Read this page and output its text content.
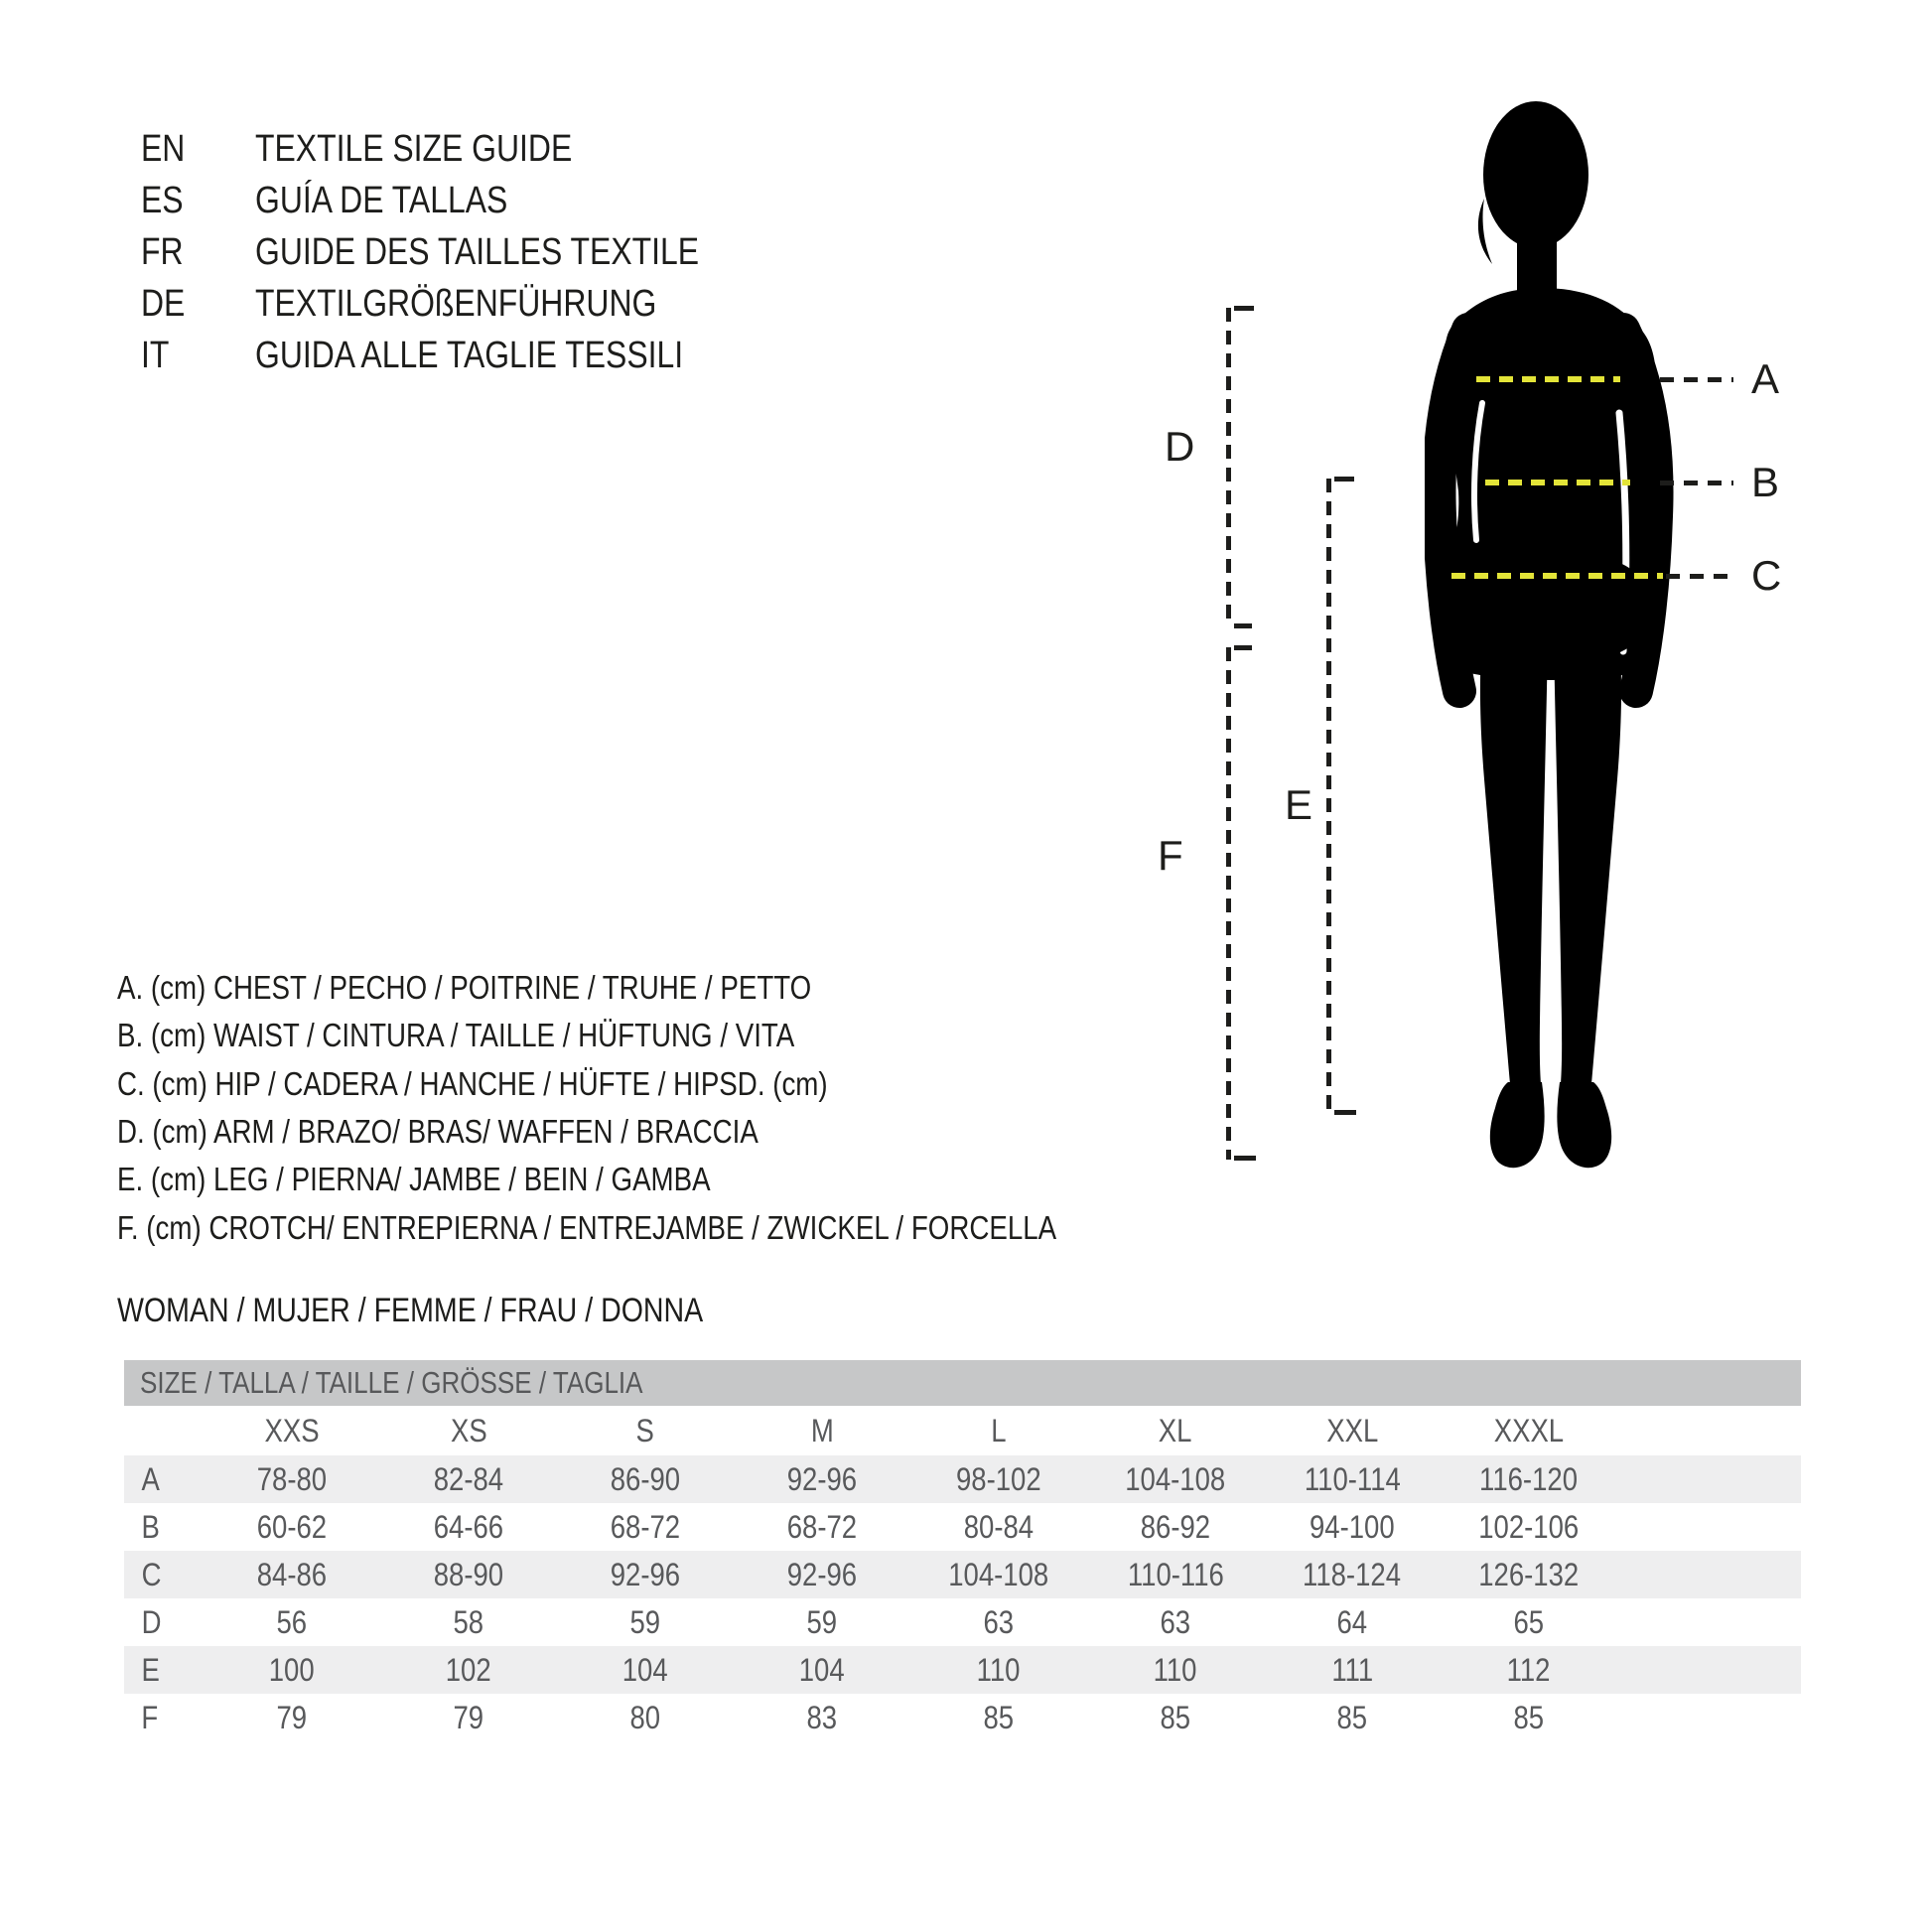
EN TEXTILE SIZE GUIDE
ES GUÍA DE TALLAS
FR GUIDE DES TAILLES TEXTILE
DE TEXTILGRÖßENFÜHRUNG
IT GUIDA ALLE TAGLIE TESSILI	A
B
C
D
E
F
A. (cm) CHEST / PECHO / POITRINE / TRUHE / PETTO
B. (cm) WAIST / CINTURA / TAILLE / HÜFTUNG / VITA
C. (cm) HIP / CADERA / HANCHE / HÜFTE / HIPSD. (cm)
D. (cm) ARM / BRAZO/ BRAS/ WAFFEN / BRACCIA
E. (cm) LEG / PIERNA/ JAMBE / BEIN / GAMBA
F. (cm) CROTCH/ ENTREPIERNA / ENTREJAMBE / ZWICKEL / FORCELLA
WOMAN / MUJER / FEMME / FRAU / DONNA
SIZE / TALLA / TAILLE / GRÖSSE / TAGLIA
XXS	XS	S	M	L	XL	XXL	XXXL
A	78-80	82-84	86-90	92-96	98-102	104-108	110-114	116-120
B	60-62	64-66	68-72	68-72	80-84	86-92	94-100	102-106
C	84-86	88-90	92-96	92-96	104-108	110-116	118-124	126-132
D	56	58	59	59	63	63	64	65
E	100	102	104	104	110	110	111	112
F	79	79	80	83	85	85	85	85
